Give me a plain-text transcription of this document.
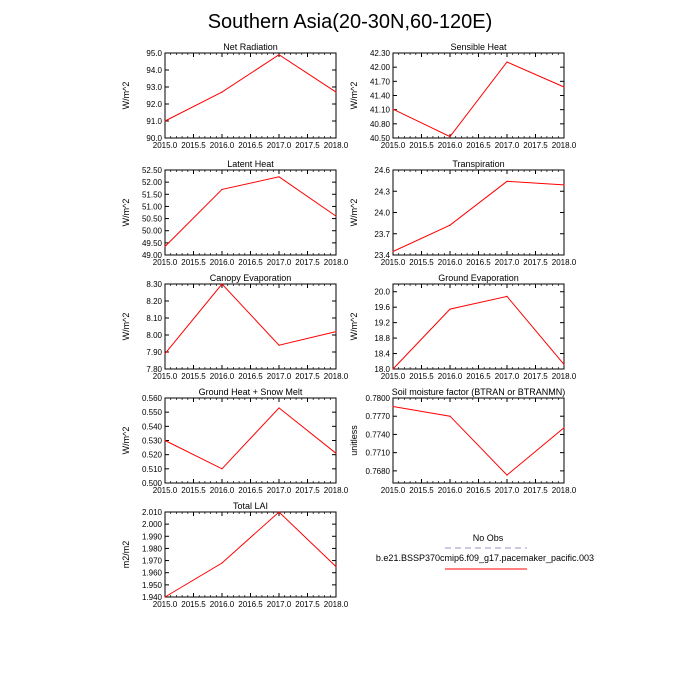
Southern Asia(20-30N,60-120E)
Net Radiation
W/m^2
2015.0 2015.5 2016.0 2016.5 2017.0 2017.5 2018.0
90.0
91.0
92.0
93.0
94.0
95.0
Sensible Heat
W/m^2
2015.0 2015.5 2016.0 2016.5 2017.0 2017.5 2018.0
40.50
40.80
41.10
41.40
41.70
42.00
42.30
Latent Heat
W/m^2
2015.0 2015.5 2016.0 2016.5 2017.0 2017.5 2018.0
49.00
49.50
50.00
50.50
51.00
51.50
52.00
52.50
Transpiration
W/m^2
2015.0 2015.5 2016.0 2016.5 2017.0 2017.5 2018.0
23.4
23.7
24.0
24.3
24.6
Canopy Evaporation
W/m^2
2015.0 2015.5 2016.0 2016.5 2017.0 2017.5 2018.0
7.80
7.90
8.00
8.10
8.20
8.30
Ground Evaporation
W/m^2
2015.0 2015.5 2016.0 2016.5 2017.0 2017.5 2018.0
18.0
18.4
18.8
19.2
19.6
20.0
Ground Heat + Snow Melt
W/m^2
2015.0 2015.5 2016.0 2016.5 2017.0 2017.5 2018.0
0.500
0.510
0.520
0.530
0.540
0.550
0.560
Soil moisture factor (BTRAN or BTRANMN)
unitless
2015.0 2015.5 2016.0 2016.5 2017.0 2017.5 2018.0
0.7680
0.7710
0.7740
0.7770
0.7800
Total LAI
m2/m2
2015.0 2015.5 2016.0 2016.5 2017.0 2017.5 2018.0
1.940
1.950
1.960
1.970
1.980
1.990
2.000
2.010
No Obs
b.e21.BSSP370cmip6.f09_g17.pacemaker_pacific.003
